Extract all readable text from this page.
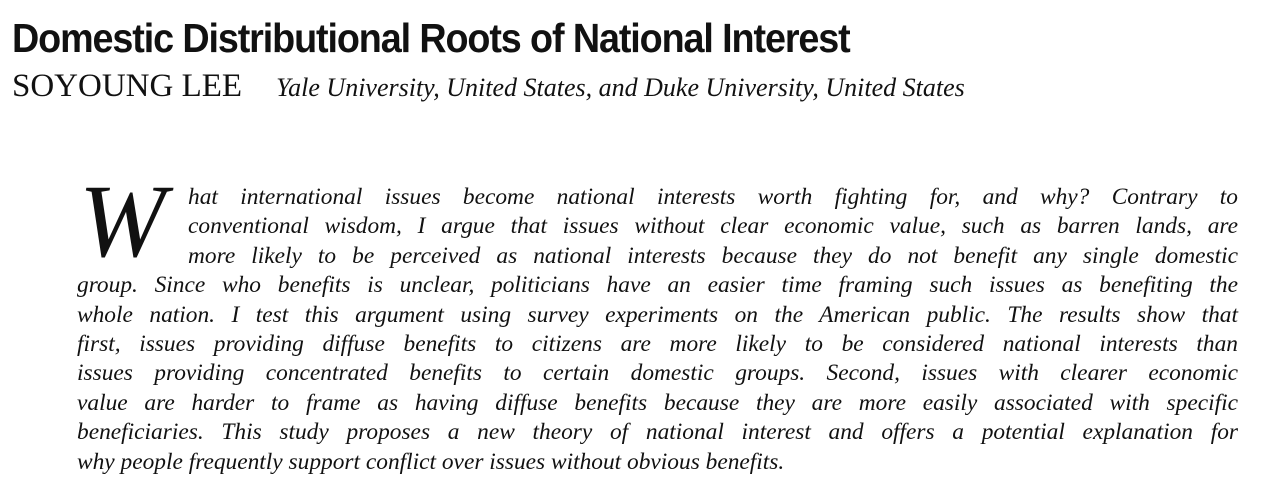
Domestic Distributional Roots of National Interest

SOYOUNG LEE Yale University, United States, and Duke University, United States

W hat international issues become national interests worth fighting for, and why? Contrary to
conventional wisdom, I argue that issues without clear economic value, such as barren lands, are
more likely to be perceived as national interests because they do not benefit any single domestic
group. Since who benefits is unclear, politicians have an easier time framing such issues as benefiting the
whole nation. I test this argument using survey experiments on the American public. The results show that
first, issues providing diffuse benefits to citizens are more likely to be considered national interests than
issues providing concentrated benefits to certain domestic groups. Second, issues with clearer economic
value are harder to frame as having diffuse benefits because they are more easily associated with specific
beneficiaries. This study proposes a new theory of national interest and offers a potential explanation for
why people frequently support conflict over issues without obvious benefits.
